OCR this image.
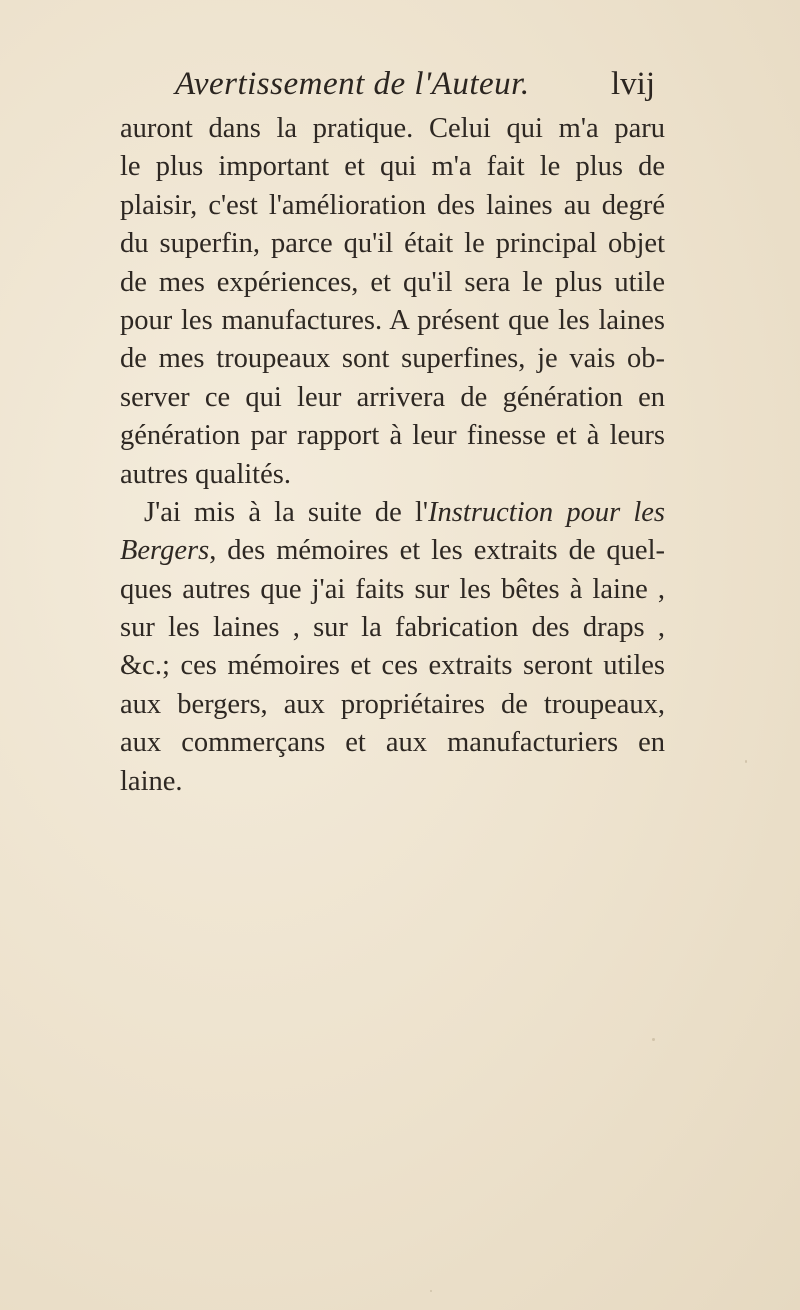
Avertissement de l'Auteur. lvij
auront dans la pratique. Celui qui m'a paru
le plus important et qui m'a fait le plus de
plaisir, c'est l'amélioration des laines au degré
du superfin, parce qu'il était le principal objet
de mes expériences, et qu'il sera le plus utile
pour les manufactures. A présent que les laines
de mes troupeaux sont superfines, je vais ob-
server ce qui leur arrivera de génération en
génération par rapport à leur finesse et à leurs
autres qualités.
J'ai mis à la suite de l'Instruction pour les
Bergers, des mémoires et les extraits de quel-
ques autres que j'ai faits sur les bêtes à laine ,
sur les laines , sur la fabrication des draps ,
&c.; ces mémoires et ces extraits seront utiles
aux bergers, aux propriétaires de troupeaux,
aux commerçans et aux manufacturiers en
laine.
